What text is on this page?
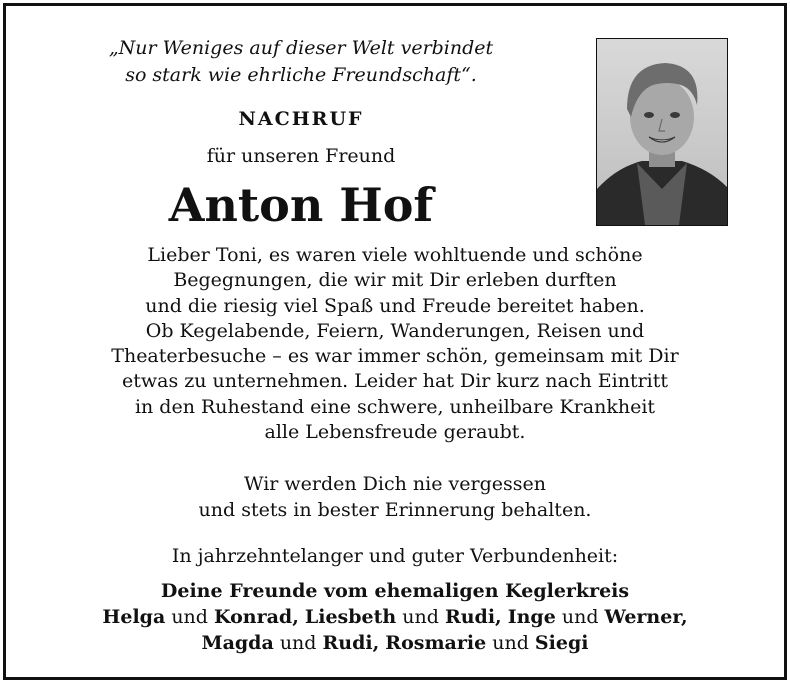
„Nur Weniges auf dieser Welt verbindet
so stark wie ehrliche Freundschaft“.
NACHRUF
für unseren Freund
Anton Hof
Lieber Toni, es waren viele wohltuende und schöne
Begegnungen, die wir mit Dir erleben durften
und die riesig viel Spaß und Freude bereitet haben.
Ob Kegelabende, Feiern, Wanderungen, Reisen und
Theaterbesuche – es war immer schön, gemeinsam mit Dir
etwas zu unternehmen. Leider hat Dir kurz nach Eintritt
in den Ruhestand eine schwere, unheilbare Krankheit
alle Lebensfreude geraubt.
Wir werden Dich nie vergessen
und stets in bester Erinnerung behalten.
In jahrzehntelanger und guter Verbundenheit:
Deine Freunde vom ehemaligen Keglerkreis
Helga und Konrad, Liesbeth und Rudi, Inge und Werner,
Magda und Rudi, Rosmarie und Siegi
